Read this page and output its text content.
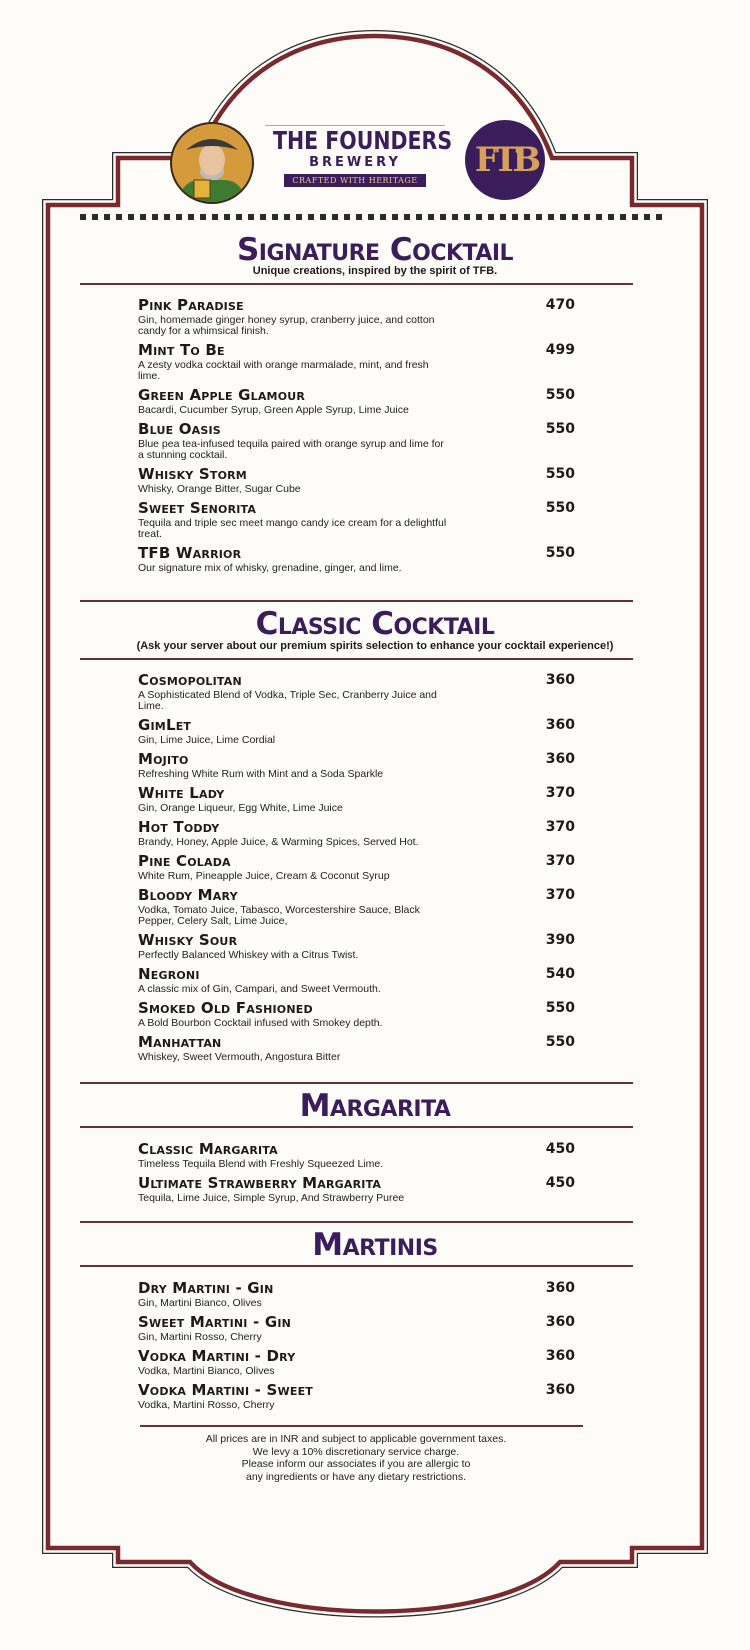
THE FOUNDERS
BREWERY
CRAFTED WITH HERITAGE
FTB
Signature Cocktail
Unique creations, inspired by the spirit of TFB.
Pink Paradise
Gin, homemade ginger honey syrup, cranberry juice, and cotton candy for a whimsical finish.
470
Mint To Be
A zesty vodka cocktail with orange marmalade, mint, and fresh lime.
499
Green Apple Glamour
Bacardi, Cucumber Syrup, Green Apple Syrup, Lime Juice
550
Blue Oasis
Blue pea tea-infused tequila paired with orange syrup and lime for a stunning cocktail.
550
Whisky Storm
Whisky, Orange Bitter, Sugar Cube
550
Sweet Senorita
Tequila and triple sec meet mango candy ice cream for a delightful treat.
550
TFB Warrior
Our signature mix of whisky, grenadine, ginger, and lime.
550
Classic Cocktail
(Ask your server about our premium spirits selection to enhance your cocktail experience!)
Cosmopolitan
A Sophisticated Blend of Vodka, Triple Sec, Cranberry Juice and Lime.
360
GimLet
Gin, Lime Juice, Lime Cordial
360
Mojito
Refreshing White Rum with Mint and a Soda Sparkle
360
White Lady
Gin, Orange Liqueur, Egg White, Lime Juice
370
Hot Toddy
Brandy, Honey, Apple Juice, & Warming Spices, Served Hot.
370
Pine Colada
White Rum, Pineapple Juice, Cream & Coconut Syrup
370
Bloody Mary
Vodka, Tomato Juice, Tabasco, Worcestershire Sauce, Black Pepper, Celery Salt, Lime Juice,
370
Whisky Sour
Perfectly Balanced Whiskey with a Citrus Twist.
390
Negroni
A classic mix of Gin, Campari, and Sweet Vermouth.
540
Smoked Old Fashioned
A Bold Bourbon Cocktail infused with Smokey depth.
550
Manhattan
Whiskey, Sweet Vermouth, Angostura Bitter
550
Margarita
Classic Margarita
Timeless Tequila Blend with Freshly Squeezed Lime.
450
Ultimate Strawberry Margarita
Tequila, Lime Juice, Simple Syrup, And Strawberry Puree
450
Martinis
Dry Martini - Gin
Gin, Martini Bianco, Olives
360
Sweet Martini - Gin
Gin, Martini Rosso, Cherry
360
Vodka Martini - Dry
Vodka, Martini Bianco, Olives
360
Vodka Martini - Sweet
Vodka, Martini Rosso, Cherry
360
All prices are in INR and subject to applicable government taxes.
We levy a 10% discretionary service charge.
Please inform our associates if you are allergic to
any ingredients or have any dietary restrictions.
